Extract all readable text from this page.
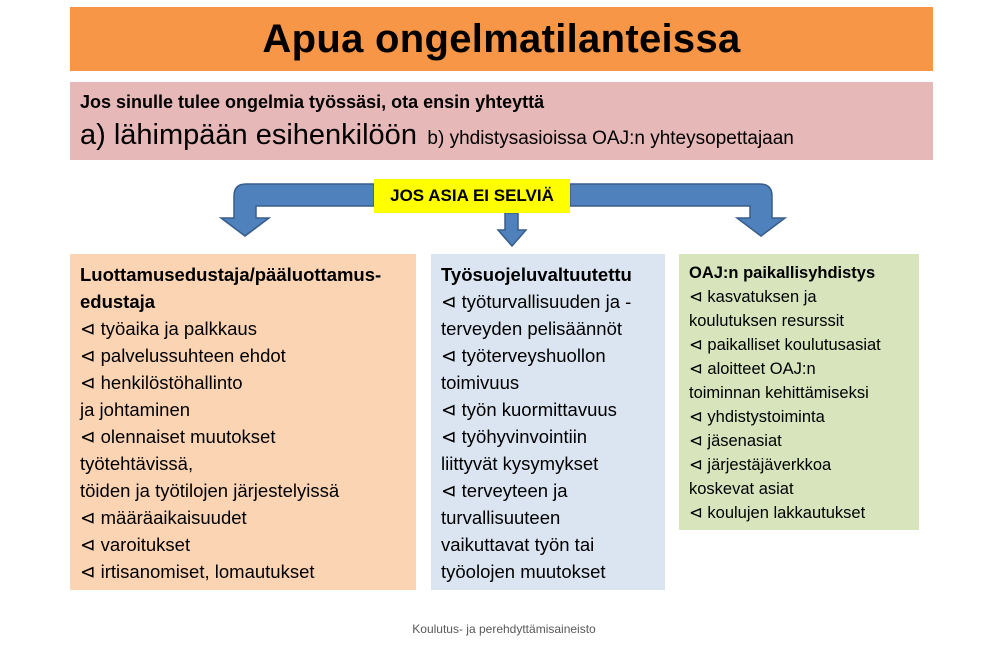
Apua ongelmatilanteissa
Jos sinulle tulee ongelmia työssäsi, ota ensin yhteyttä
a) lähimpään esihenkilöön b) yhdistysasioissa OAJ:n yhteysopettajaan
JOS ASIA EI SELVIÄ
Luottamusedustaja/pääluottamus-
edustaja
⊲ työaika ja palkkaus
⊲ palvelussuhteen ehdot
⊲ henkilöstöhallinto
ja johtaminen
⊲ olennaiset muutokset
työtehtävissä,
töiden ja työtilojen järjestelyissä
⊲ määräaikaisuudet
⊲ varoitukset
⊲ irtisanomiset, lomautukset
Työsuojeluvaltuutettu
⊲ työturvallisuuden ja -
terveyden pelisäännöt
⊲ työterveyshuollon
toimivuus
⊲ työn kuormittavuus
⊲ työhyvinvointiin
liittyvät kysymykset
⊲ terveyteen ja
turvallisuuteen
vaikuttavat työn tai
työolojen muutokset
OAJ:n paikallisyhdistys
⊲ kasvatuksen ja
koulutuksen resurssit
⊲ paikalliset koulutusasiat
⊲ aloitteet OAJ:n
toiminnan kehittämiseksi
⊲ yhdistystoiminta
⊲ jäsenasiat
⊲ järjestäjäverkkoa
koskevat asiat
⊲ koulujen lakkautukset
Koulutus- ja perehdyttämisaineisto
